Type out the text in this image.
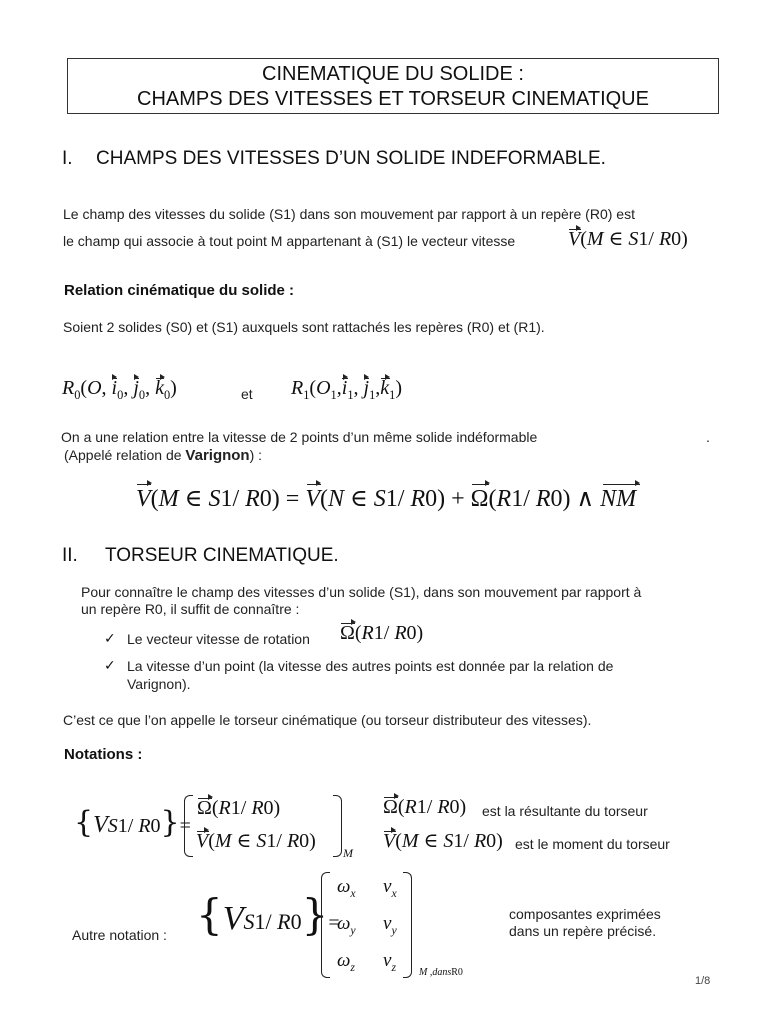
CINEMATIQUE DU SOLIDE :
CHAMPS DES VITESSES ET TORSEUR CINEMATIQUE
I. CHAMPS DES VITESSES D’UN SOLIDE INDEFORMABLE.
Le champ des vitesses du solide (S1) dans son mouvement par rapport à un repère (R0) est
le champ qui associe à tout point M appartenant à (S1) le vecteur vitesse	V(M ∈ S1/ R0)
Relation cinématique du solide :
Soient 2 solides (S0) et (S1) auxquels sont rattachés les repères (R0) et (R1).
$R_0(O$, $i_0$, $j_0$, $k_0$)	et $R_1(O_1,i_1$, $j_1,k_1$)
On a une relation entre la vitesse de 2 points d’un même solide indéformable	.
(Appelé relation de Varignon) :
V(M ∈ S1/ R0) = V(N ∈ S1/ R0) + Ω(R1/ R0) ∧ NM
II. TORSEUR CINEMATIQUE.
Pour connaître le champ des vitesses d’un solide (S1), dans son mouvement par rapport à
un repère R0, il suffit de connaître :
✓ Le vecteur vitesse de rotation Ω(R1/ R0)
✓ La vitesse d’un point (la vitesse des autres points est donnée par la relation de
Varignon).
C’est ce que l’on appelle le torseur cinématique (ou torseur distributeur des vitesses).
Notations :
{VS1/ R0}=
Ω(R1/ R0)
V(M ∈ S1/ R0)
M
Ω(R1/ R0) est la résultante du torseur
V(M ∈ S1/ R0) est le moment du torseur
Autre notation : {VS1/ R0}=
$\omega_x$ $v_x$
$\omega_y$ $v_y$
$\omega_z$ $v_z$ M ,dansR0
composantes exprimées
dans un repère précisé.
1/8
